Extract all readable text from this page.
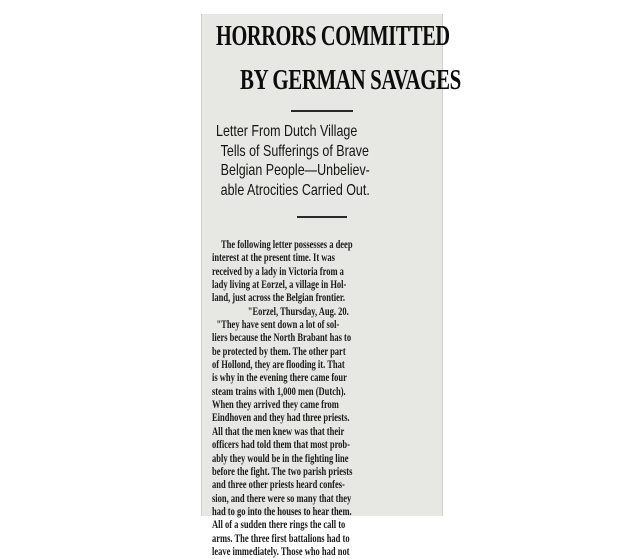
HORRORS COMMITTED
BY GERMAN SAVAGES
Letter From Dutch Village
Tells of Sufferings of Brave
Belgian People—Unbeliev-
able Atrocities Carried Out.
The following letter possesses a deep
interest at the present time. It was
received by a lady in Victoria from a
lady living at Eorzel, a village in Hol-
land, just across the Belgian frontier.
"Eorzel, Thursday, Aug. 20.
"They have sent down a lot of sol-
liers because the North Brabant has to
be protected by them. The other part
of Hollond, they are flooding it. That
is why in the evening there came four
steam trains with 1,000 men (Dutch).
When they arrived they came from
Eindhoven and they had three priests.
All that the men knew was that their
officers had told them that most prob-
ably they would be in the fighting line
before the fight. The two parish priests
and three other priests heard confes-
sion, and there were so many that they
had to go into the houses to hear them.
All of a sudden there rings the call to
arms. The three first battalions had to
leave immediately. Those who had not
